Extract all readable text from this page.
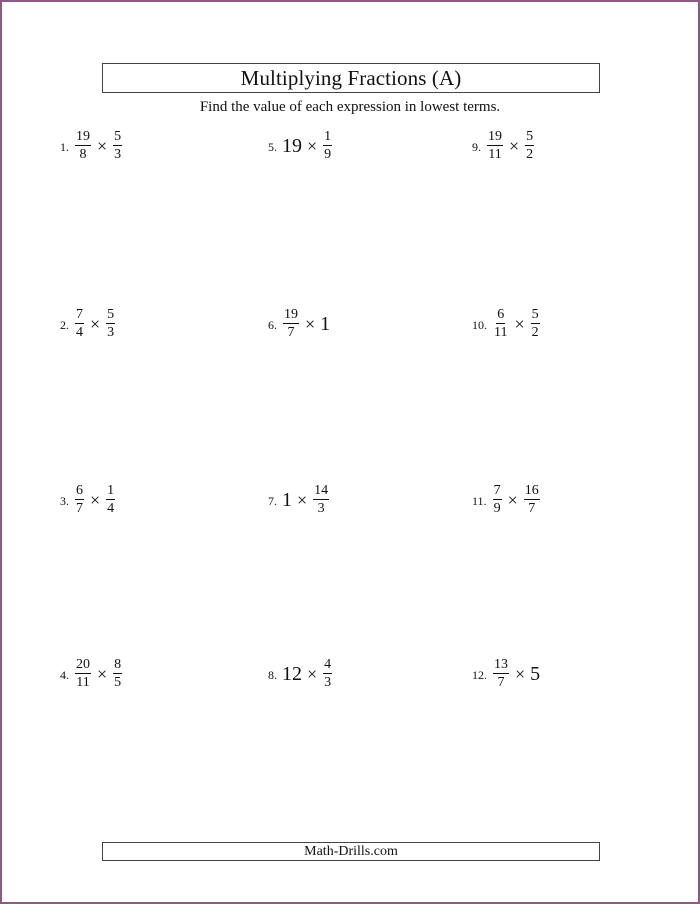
Multiplying Fractions (A)
Find the value of each expression in lowest terms.
1. $\frac{19}{8} \times \frac{5}{3}$
2. $\frac{7}{4} \times \frac{5}{3}$
3. $\frac{6}{7} \times \frac{1}{4}$
4. $\frac{20}{11} \times \frac{8}{5}$
5. $19 \times \frac{1}{9}$
6. $\frac{19}{7} \times 1$
7. $1 \times \frac{14}{3}$
8. $12 \times \frac{4}{3}$
9. $\frac{19}{11} \times \frac{5}{2}$
10. $\frac{6}{11} \times \frac{5}{2}$
11. $\frac{7}{9} \times \frac{16}{7}$
12. $\frac{13}{7} \times 5$
Math-Drills.com
